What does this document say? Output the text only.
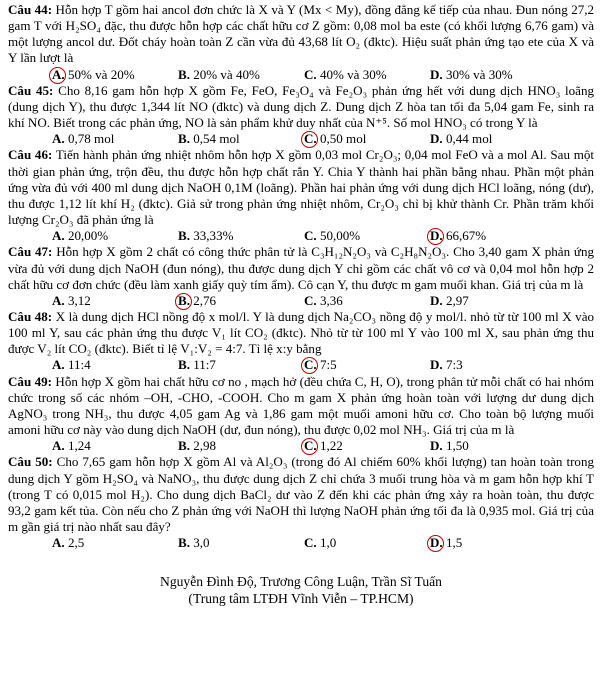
Câu 44: Hỗn hợp T gồm hai ancol đơn chức là X và Y (Mx < My), đồng đẳng kế tiếp của nhau. Đun nóng 27,2 gam T với H₂SO₄ đặc, thu được hỗn hợp các chất hữu cơ Z gồm: 0,08 mol ba este (có khối lượng 6,76 gam) và một lượng ancol dư. Đốt cháy hoàn toàn Z cần vừa đủ 43,68 lít O₂ (đktc). Hiệu suất phản ứng tạo ete của X và Y lần lượt là
A. 50% và 20%	B. 20% và 40%	C. 40% và 30%	D. 30% và 30%
Câu 45: Cho 8,16 gam hỗn hợp X gồm Fe, FeO, Fe₃O₄ và Fe₂O₃ phản ứng hết với dung dịch HNO₃ loãng (dung dịch Y), thu được 1,344 lít NO (đktc) và dung dịch Z. Dung dịch Z hòa tan tối đa 5,04 gam Fe, sinh ra khí NO. Biết trong các phản ứng, NO là sản phẩm khử duy nhất của N⁺⁵. Số mol HNO₃ có trong Y là
A. 0,78 mol	B. 0,54 mol	C. 0,50 mol	D. 0,44 mol
Câu 46: Tiến hành phản ứng nhiệt nhôm hỗn hợp X gồm 0,03 mol Cr₂O₃; 0,04 mol FeO và a mol Al. Sau một thời gian phản ứng, trộn đều, thu được hỗn hợp chất rắn Y. Chia Y thành hai phần bằng nhau. Phần một phản ứng vừa đủ với 400 ml dung dịch NaOH 0,1M (loãng). Phần hai phản ứng với dung dịch HCl loãng, nóng (dư), thu được 1,12 lít khí H₂ (đktc). Giả sử trong phản ứng nhiệt nhôm, Cr₂O₃ chỉ bị khử thành Cr. Phần trăm khối lượng Cr₂O₃ đã phản ứng là
A. 20,00%	B. 33,33%	C. 50,00%	D. 66,67%
Câu 47: Hỗn hợp X gồm 2 chất có công thức phân tử là C₃H₁₂N₂O₃ và C₂H₈N₂O₃. Cho 3,40 gam X phản ứng vừa đủ với dung dịch NaOH (đun nóng), thu được dung dịch Y chỉ gồm các chất vô cơ và 0,04 mol hỗn hợp 2 chất hữu cơ đơn chức (đều làm xanh giấy quỳ tím ẩm). Cô cạn Y, thu được m gam muối khan. Giá trị của m là
A. 3,12	B. 2,76	C. 3,36	D. 2,97
Câu 48: X là dung dịch HCl nồng độ x mol/l. Y là dung dịch Na₂CO₃ nồng độ y mol/l. nhỏ từ từ 100 ml X vào 100 ml Y, sau các phản ứng thu được V₁ lít CO₂ (đktc). Nhỏ từ từ 100 ml Y vào 100 ml X, sau phản ứng thu được V₂ lít CO₂ (đktc). Biết tỉ lệ V₁:V₂ = 4:7. Tỉ lệ x:y bằng
A. 11:4	B. 11:7	C. 7:5	D. 7:3
Câu 49: Hỗn hợp X gồm hai chất hữu cơ no , mạch hở (đều chứa C, H, O), trong phân tử mỗi chất có hai nhóm chức trong số các nhóm –OH, -CHO, -COOH. Cho m gam X phản ứng hoàn toàn với lượng dư dung dịch AgNO₃ trong NH₃, thu được 4,05 gam Ag và 1,86 gam một muối amoni hữu cơ. Cho toàn bộ lượng muối amoni hữu cơ này vào dung dịch NaOH (dư, đun nóng), thu được 0,02 mol NH₃. Giá trị của m là
A. 1,24	B. 2,98	C. 1,22	D. 1,50
Câu 50: Cho 7,65 gam hỗn hợp X gồm Al và Al₂O₃ (trong đó Al chiếm 60% khối lượng) tan hoàn toàn trong dung dịch Y gồm H₂SO₄ và NaNO₃, thu được dung dịch Z chỉ chứa 3 muối trung hòa và m gam hỗn hợp khí T (trong T có 0,015 mol H₂). Cho dung dịch BaCl₂ dư vào Z đến khi các phản ứng xảy ra hoàn toàn, thu được 93,2 gam kết tủa. Còn nếu cho Z phản ứng với NaOH thì lượng NaOH phản ứng tối đa là 0,935 mol. Giá trị của m gần giá trị nào nhất sau đây?
A. 2,5	B. 3,0	C. 1,0	D. 1,5
Nguyễn Đình Độ, Trương Công Luận, Trần Sĩ Tuấn
(Trung tâm LTĐH Vĩnh Viễn – TP.HCM)
